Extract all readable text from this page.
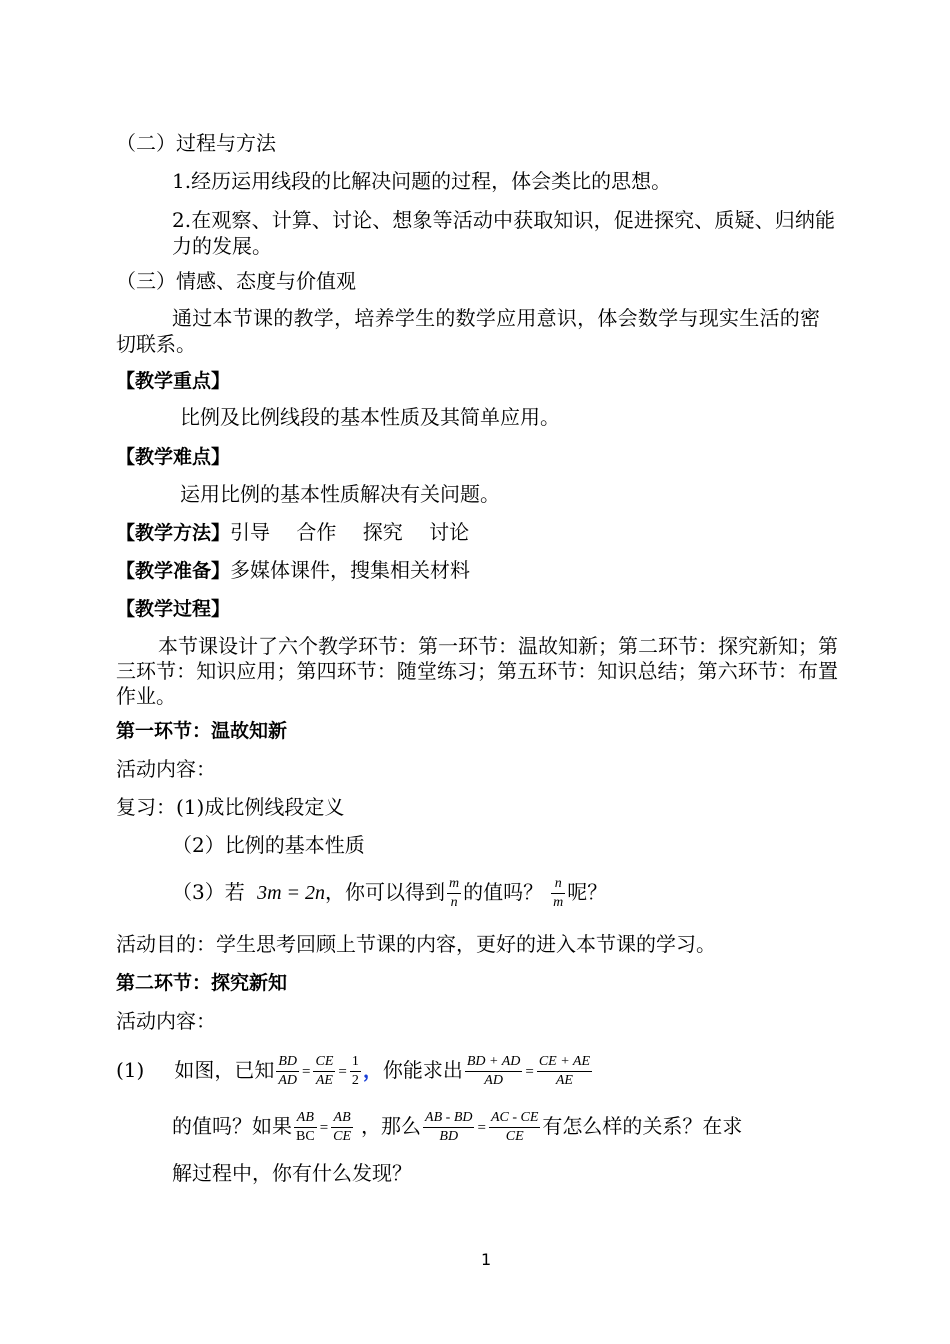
（二）过程与方法
1.经历运用线段的比解决问题的过程，体会类比的思想。
2.在观察、计算、讨论、想象等活动中获取知识，促进探究、质疑、归纳能力的发展。
（三）情感、态度与价值观
通过本节课的教学，培养学生的数学应用意识，体会数学与现实生活的密切联系。
【教学重点】
比例及比例线段的基本性质及其简单应用。
【教学难点】
运用比例的基本性质解决有关问题。
【教学方法】引导　 合作　 探究　 讨论
【教学准备】多媒体课件，搜集相关材料
【教学过程】
本节课设计了六个教学环节：第一环节：温故知新；第二环节：探究新知；第三环节：知识应用；第四环节：随堂练习；第五环节：知识总结；第六环节：布置作业。
第一环节：温故知新
活动内容：
复习：(1)成比例线段定义
（2）比例的基本性质
（3）若 3m = 2n，你可以得到 $\frac{m}{n}$ 的值吗？ $\frac{n}{m}$ 呢？
活动目的：学生思考回顾上节课的内容，更好的进入本节课的学习。
第二环节：探究新知
活动内容：
(1) 如图，已知 $\frac{BD}{AD} = \frac{CE}{AE} = \frac{1}{2}$ ，你能求出 $\frac{BD + AD}{AD} = \frac{CE + AE}{AE}$
的值吗？如果 $\frac{AB}{BC} = \frac{AB}{CE}$ ，那么 $\frac{AB - BD}{BD} = \frac{AC - CE}{CE}$ 有怎么样的关系？在求
解过程中，你有什么发现？
1
